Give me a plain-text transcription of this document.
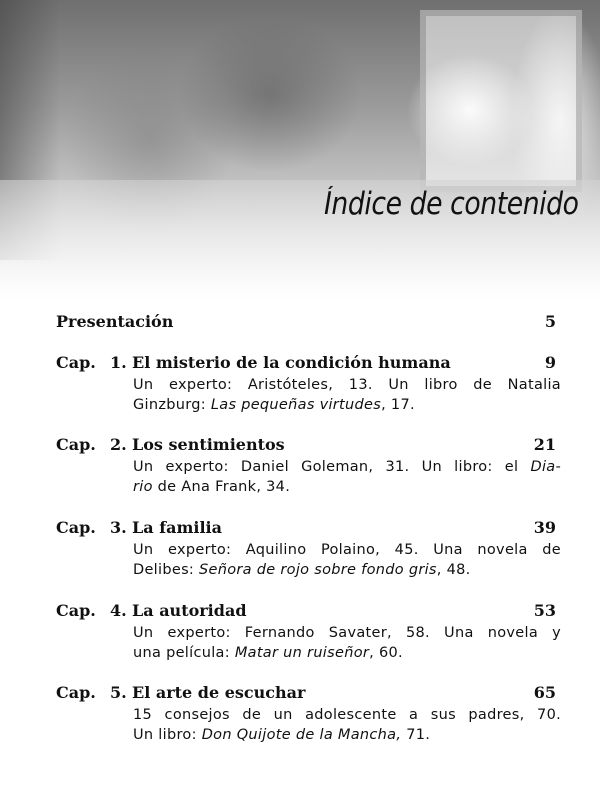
Índice de contenido
Presentación	5
Cap. 1. El misterio de la condición humana	9

Un experto: Aristóteles, 13. Un libro de Natalia

Ginzburg: Las pequeñas virtudes, 17.

Cap. 2. Los sentimientos	21

Un experto: Daniel Goleman, 31. Un libro: el Dia-

rio de Ana Frank, 34.

Cap. 3. La familia	39

Un experto: Aquilino Polaino, 45. Una novela de

Delibes: Señora de rojo sobre fondo gris, 48.

Cap. 4. La autoridad	53

Un experto: Fernando Savater, 58. Una novela y

una película: Matar un ruiseñor, 60.

Cap. 5. El arte de escuchar	65

15 consejos de un adolescente a sus padres, 70.

Un libro: Don Quijote de la Mancha, 71.
